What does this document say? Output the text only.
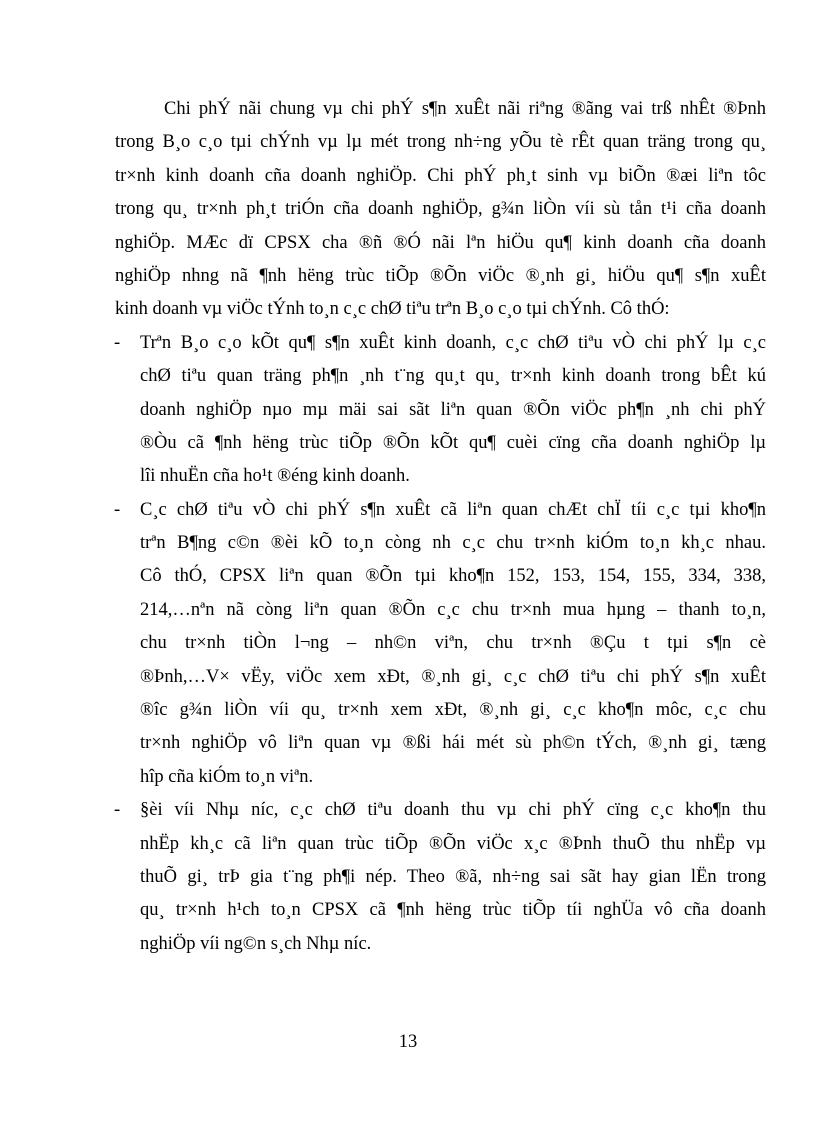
Chi phÝ nãi chung vµ chi phÝ s¶n xuÊt nãi riªng ®ãng vai trß nhÊt ®Þnh
trong B¸o c¸o tµi chÝnh vµ lµ mét trong nh÷ng yÕu tè rÊt quan träng trong qu¸
tr×nh kinh doanh cña doanh nghiÖp. Chi phÝ ph¸t sinh vµ biÕn ®æi liªn tôc
trong qu¸ tr×nh ph¸t triÓn cña doanh nghiÖp, g¾n liÒn víi sù tån t¹i cña doanh
nghiÖp. MÆc dï CPSX cha ®ñ ®Ó nãi lªn hiÖu qu¶ kinh doanh cña doanh
nghiÖp nhng nã ¶nh hëng trùc tiÕp ®Õn viÖc ®¸nh gi¸ hiÖu qu¶ s¶n xuÊt
kinh doanh vµ viÖc tÝnh to¸n c¸c chØ tiªu trªn B¸o c¸o tµi chÝnh. Cô thÓ:
- Trªn B¸o c¸o kÕt qu¶ s¶n xuÊt kinh doanh, c¸c chØ tiªu vÒ chi phÝ lµ c¸c
chØ tiªu quan träng ph¶n ¸nh t¨ng qu¸t qu¸ tr×nh kinh doanh trong bÊt kú
doanh nghiÖp nµo mµ mäi sai sãt liªn quan ®Õn viÖc ph¶n ¸nh chi phÝ
®Òu cã ¶nh hëng trùc tiÕp ®Õn kÕt qu¶ cuèi cïng cña doanh nghiÖp lµ
lîi nhuËn cña ho¹t ®éng kinh doanh.
- C¸c chØ tiªu vÒ chi phÝ s¶n xuÊt cã liªn quan chÆt chÏ tíi c¸c tµi kho¶n
trªn B¶ng c©n ®èi kÕ to¸n còng nh c¸c chu tr×nh kiÓm to¸n kh¸c nhau.
Cô thÓ, CPSX liªn quan ®Õn tµi kho¶n 152, 153, 154, 155, 334, 338,
214,…nªn nã còng liªn quan ®Õn c¸c chu tr×nh mua hµng – thanh to¸n,
chu tr×nh tiÒn l¬ng – nh©n viªn, chu tr×nh ®Çu t tµi s¶n cè
®Þnh,…V× vËy, viÖc xem xÐt, ®¸nh gi¸ c¸c chØ tiªu chi phÝ s¶n xuÊt
®îc g¾n liÒn víi qu¸ tr×nh xem xÐt, ®¸nh gi¸ c¸c kho¶n môc, c¸c chu
tr×nh nghiÖp vô liªn quan vµ ®ßi hái mét sù ph©n tÝch, ®¸nh gi¸ tæng
hîp cña kiÓm to¸n viªn.
- §èi víi Nhµ níc, c¸c chØ tiªu doanh thu vµ chi phÝ cïng c¸c kho¶n thu
nhËp kh¸c cã liªn quan trùc tiÕp ®Õn viÖc x¸c ®Þnh thuÕ thu nhËp vµ
thuÕ gi¸ trÞ gia t¨ng ph¶i nép. Theo ®ã, nh÷ng sai sãt hay gian lËn trong
qu¸ tr×nh h¹ch to¸n CPSX cã ¶nh hëng trùc tiÕp tíi nghÜa vô cña doanh
nghiÖp víi ng©n s¸ch Nhµ níc.
13
